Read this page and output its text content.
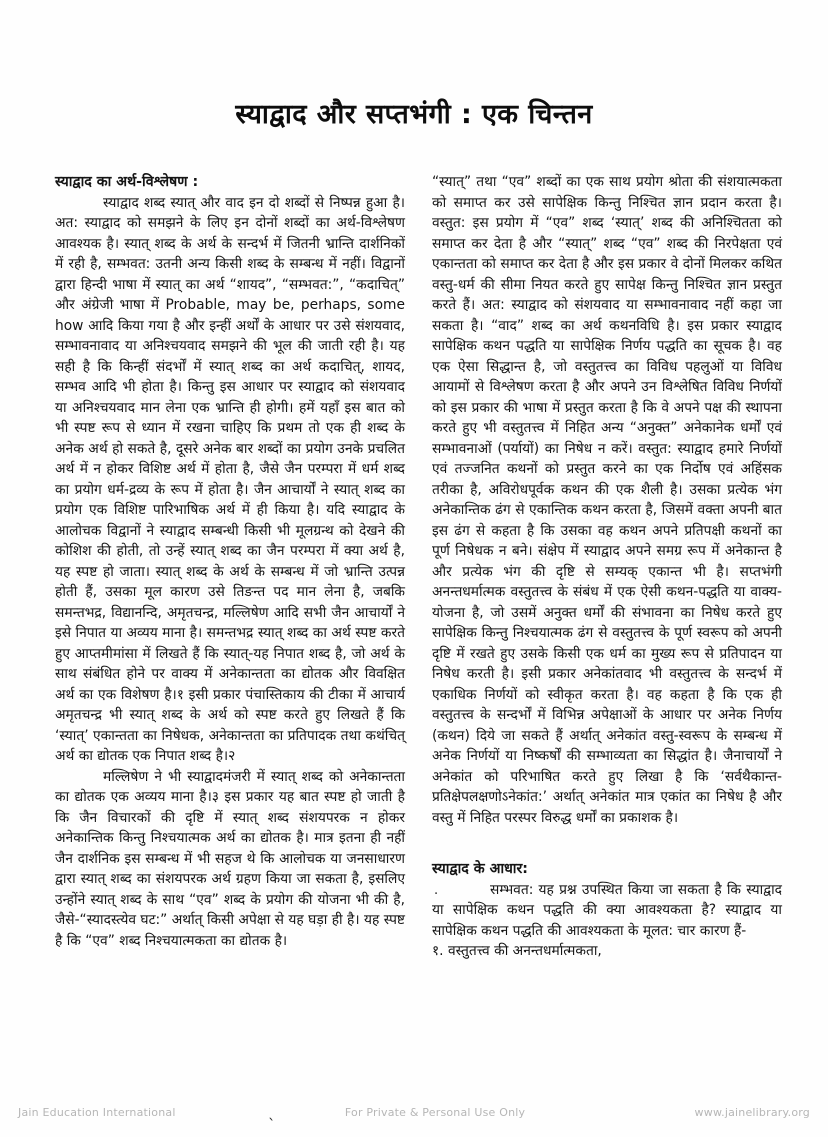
स्याद्वाद और सप्तभंगी : एक चिन्तन
स्याद्वाद का अर्थ-विश्लेषण :

स्याद्वाद शब्द स्यात् और वाद इन दो शब्दों से निष्पन्न हुआ है। अत: स्याद्वाद को समझने के लिए इन दोनों शब्दों का अर्थ-विश्लेषण आवश्यक है। स्यात् शब्द के अर्थ के सन्दर्भ में जितनी भ्रान्ति दार्शनिकों में रही है, सम्भवत: उतनी अन्य किसी शब्द के सम्बन्ध में नहीं। विद्वानों द्वारा हिन्दी भाषा में स्यात् का अर्थ “शायद”, “सम्भवत:”, “कदाचित्” और अंग्रेजी भाषा में Probable, may be, perhaps, some how आदि किया गया है और इन्हीं अर्थों के आधार पर उसे संशयवाद, सम्भावनावाद या अनिश्चयवाद समझने की भूल की जाती रही है। यह सही है कि किन्हीं संदर्भों में स्यात् शब्द का अर्थ कदाचित्, शायद, सम्भव आदि भी होता है। किन्तु इस आधार पर स्याद्वाद को संशयवाद या अनिश्चयवाद मान लेना एक भ्रान्ति ही होगी। हमें यहाँ इस बात को भी स्पष्ट रूप से ध्यान में रखना चाहिए कि प्रथम तो एक ही शब्द के अनेक अर्थ हो सकते है, दूसरे अनेक बार शब्दों का प्रयोग उनके प्रचलित अर्थ में न होकर विशिष्ट अर्थ में होता है, जैसे जैन परम्परा में धर्म शब्द का प्रयोग धर्म-द्रव्य के रूप में होता है। जैन आचार्यों ने स्यात् शब्द का प्रयोग एक विशिष्ट पारिभाषिक अर्थ में ही किया है। यदि स्याद्वाद के आलोचक विद्वानों ने स्याद्वाद सम्बन्धी किसी भी मूलग्रन्थ को देखने की कोशिश की होती, तो उन्हें स्यात् शब्द का जैन परम्परा में क्या अर्थ है, यह स्पष्ट हो जाता। स्यात् शब्द के अर्थ के सम्बन्ध में जो भ्रान्ति उत्पन्न होती हैं, उसका मूल कारण उसे तिङन्त पद मान लेना है, जबकि समन्तभद्र, विद्यानन्दि, अमृतचन्द्र, मल्लिषेण आदि सभी जैन आचार्यों ने इसे निपात या अव्यय माना है। समन्तभद्र स्यात् शब्द का अर्थ स्पष्ट करते हुए आप्तमीमांसा में लिखते हैं कि स्यात्-यह निपात शब्द है, जो अर्थ के साथ संबंधित होने पर वाक्य में अनेकान्तता का द्योतक और विवक्षित अर्थ का एक विशेषण है।१ इसी प्रकार पंचास्तिकाय की टीका में आचार्य अमृतचन्द्र भी स्यात् शब्द के अर्थ को स्पष्ट करते हुए लिखते हैं कि ‘स्यात्’ एकान्तता का निषेधक, अनेकान्तता का प्रतिपादक तथा कथंचित् अर्थ का द्योतक एक निपात शब्द है।२

मल्लिषेण ने भी स्याद्वादमंजरी में स्यात् शब्द को अनेकान्तता का द्योतक एक अव्यय माना है।३ इस प्रकार यह बात स्पष्ट हो जाती है कि जैन विचारकों की दृष्टि में स्यात् शब्द संशयपरक न होकर अनेकान्तिक किन्तु निश्चयात्मक अर्थ का द्योतक है। मात्र इतना ही नहीं जैन दार्शनिक इस सम्बन्ध में भी सहज थे कि आलोचक या जनसाधारण द्वारा स्यात् शब्द का संशयपरक अर्थ ग्रहण किया जा सकता है, इसलिए उन्होंने स्यात् शब्द के साथ “एव” शब्द के प्रयोग की योजना भी की है, जैसे-“स्यादस्त्येव घट:” अर्थात् किसी अपेक्षा से यह घड़ा ही है। यह स्पष्ट है कि “एव” शब्द निश्चयात्मकता का द्योतक है।

“स्यात्” तथा “एव” शब्दों का एक साथ प्रयोग श्रोता की संशयात्मकता को समाप्त कर उसे सापेक्षिक किन्तु निश्चित ज्ञान प्रदान करता है। वस्तुत: इस प्रयोग में “एव” शब्द ‘स्यात्’ शब्द की अनिश्चितता को समाप्त कर देता है और “स्यात्” शब्द “एव” शब्द की निरपेक्षता एवं एकान्तता को समाप्त कर देता है और इस प्रकार वे दोनों मिलकर कथित वस्तु-धर्म की सीमा नियत करते हुए सापेक्ष किन्तु निश्चित ज्ञान प्रस्तुत करते हैं। अत: स्याद्वाद को संशयवाद या सम्भावनावाद नहीं कहा जा सकता है। “वाद” शब्द का अर्थ कथनविधि है। इस प्रकार स्याद्वाद सापेक्षिक कथन पद्धति या सापेक्षिक निर्णय पद्धति का सूचक है। वह एक ऐसा सिद्धान्त है, जो वस्तुतत्त्व का विविध पहलुओं या विविध आयामों से विश्लेषण करता है और अपने उन विश्लेषित विविध निर्णयों को इस प्रकार की भाषा में प्रस्तुत करता है कि वे अपने पक्ष की स्थापना करते हुए भी वस्तुतत्त्व में निहित अन्य “अनुक्त” अनेकानेक धर्मों एवं सम्भावनाओं (पर्यायों) का निषेध न करें। वस्तुत: स्याद्वाद हमारे निर्णयों एवं तज्जनित कथनों को प्रस्तुत करने का एक निर्दोष एवं अहिंसक तरीका है, अविरोधपूर्वक कथन की एक शैली है। उसका प्रत्येक भंग अनेकान्तिक ढंग से एकान्तिक कथन करता है, जिसमें वक्ता अपनी बात इस ढंग से कहता है कि उसका वह कथन अपने प्रतिपक्षी कथनों का पूर्ण निषेधक न बने। संक्षेप में स्याद्वाद अपने समग्र रूप में अनेकान्त है और प्रत्येक भंग की दृष्टि से सम्यक् एकान्त भी है। सप्तभंगी अनन्तधर्मात्मक वस्तुतत्त्व के संबंध में एक ऐसी कथन-पद्धति या वाक्य-योजना है, जो उसमें अनुक्त धर्मों की संभावना का निषेध करते हुए सापेक्षिक किन्तु निश्चयात्मक ढंग से वस्तुतत्त्व के पूर्ण स्वरूप को अपनी दृष्टि में रखते हुए उसके किसी एक धर्म का मुख्य रूप से प्रतिपादन या निषेध करती है। इसी प्रकार अनेकांतवाद भी वस्तुतत्त्व के सन्दर्भ में एकाधिक निर्णयों को स्वीकृत करता है। वह कहता है कि एक ही वस्तुतत्त्व के सन्दर्भों में विभिन्न अपेक्षाओं के आधार पर अनेक निर्णय (कथन) दिये जा सकते हैं अर्थात् अनेकांत वस्तु-स्वरूप के सम्बन्ध में अनेक निर्णयों या निष्कर्षों की सम्भाव्यता का सिद्धांत है। जैनाचार्यों ने अनेकांत को परिभाषित करते हुए लिखा है कि ‘सर्वथैकान्त- प्रतिक्षेपलक्षणोऽनेकांत:’ अर्थात् अनेकांत मात्र एकांत का निषेध है और वस्तु में निहित परस्पर विरुद्ध धर्मों का प्रकाशक है।

स्याद्वाद के आधार:

.	सम्भवत: यह प्रश्न उपस्थित किया जा सकता है कि स्याद्वाद या सापेक्षिक कथन पद्धति की क्या आवश्यकता है? स्याद्वाद या सापेक्षिक कथन पद्धति की आवश्यकता के मूलत: चार कारण हैं-

१. वस्तुतत्त्व की अनन्तधर्मात्मकता,

Jain Education International	For Private & Personal Use Only	www.jainelibrary.org
`
